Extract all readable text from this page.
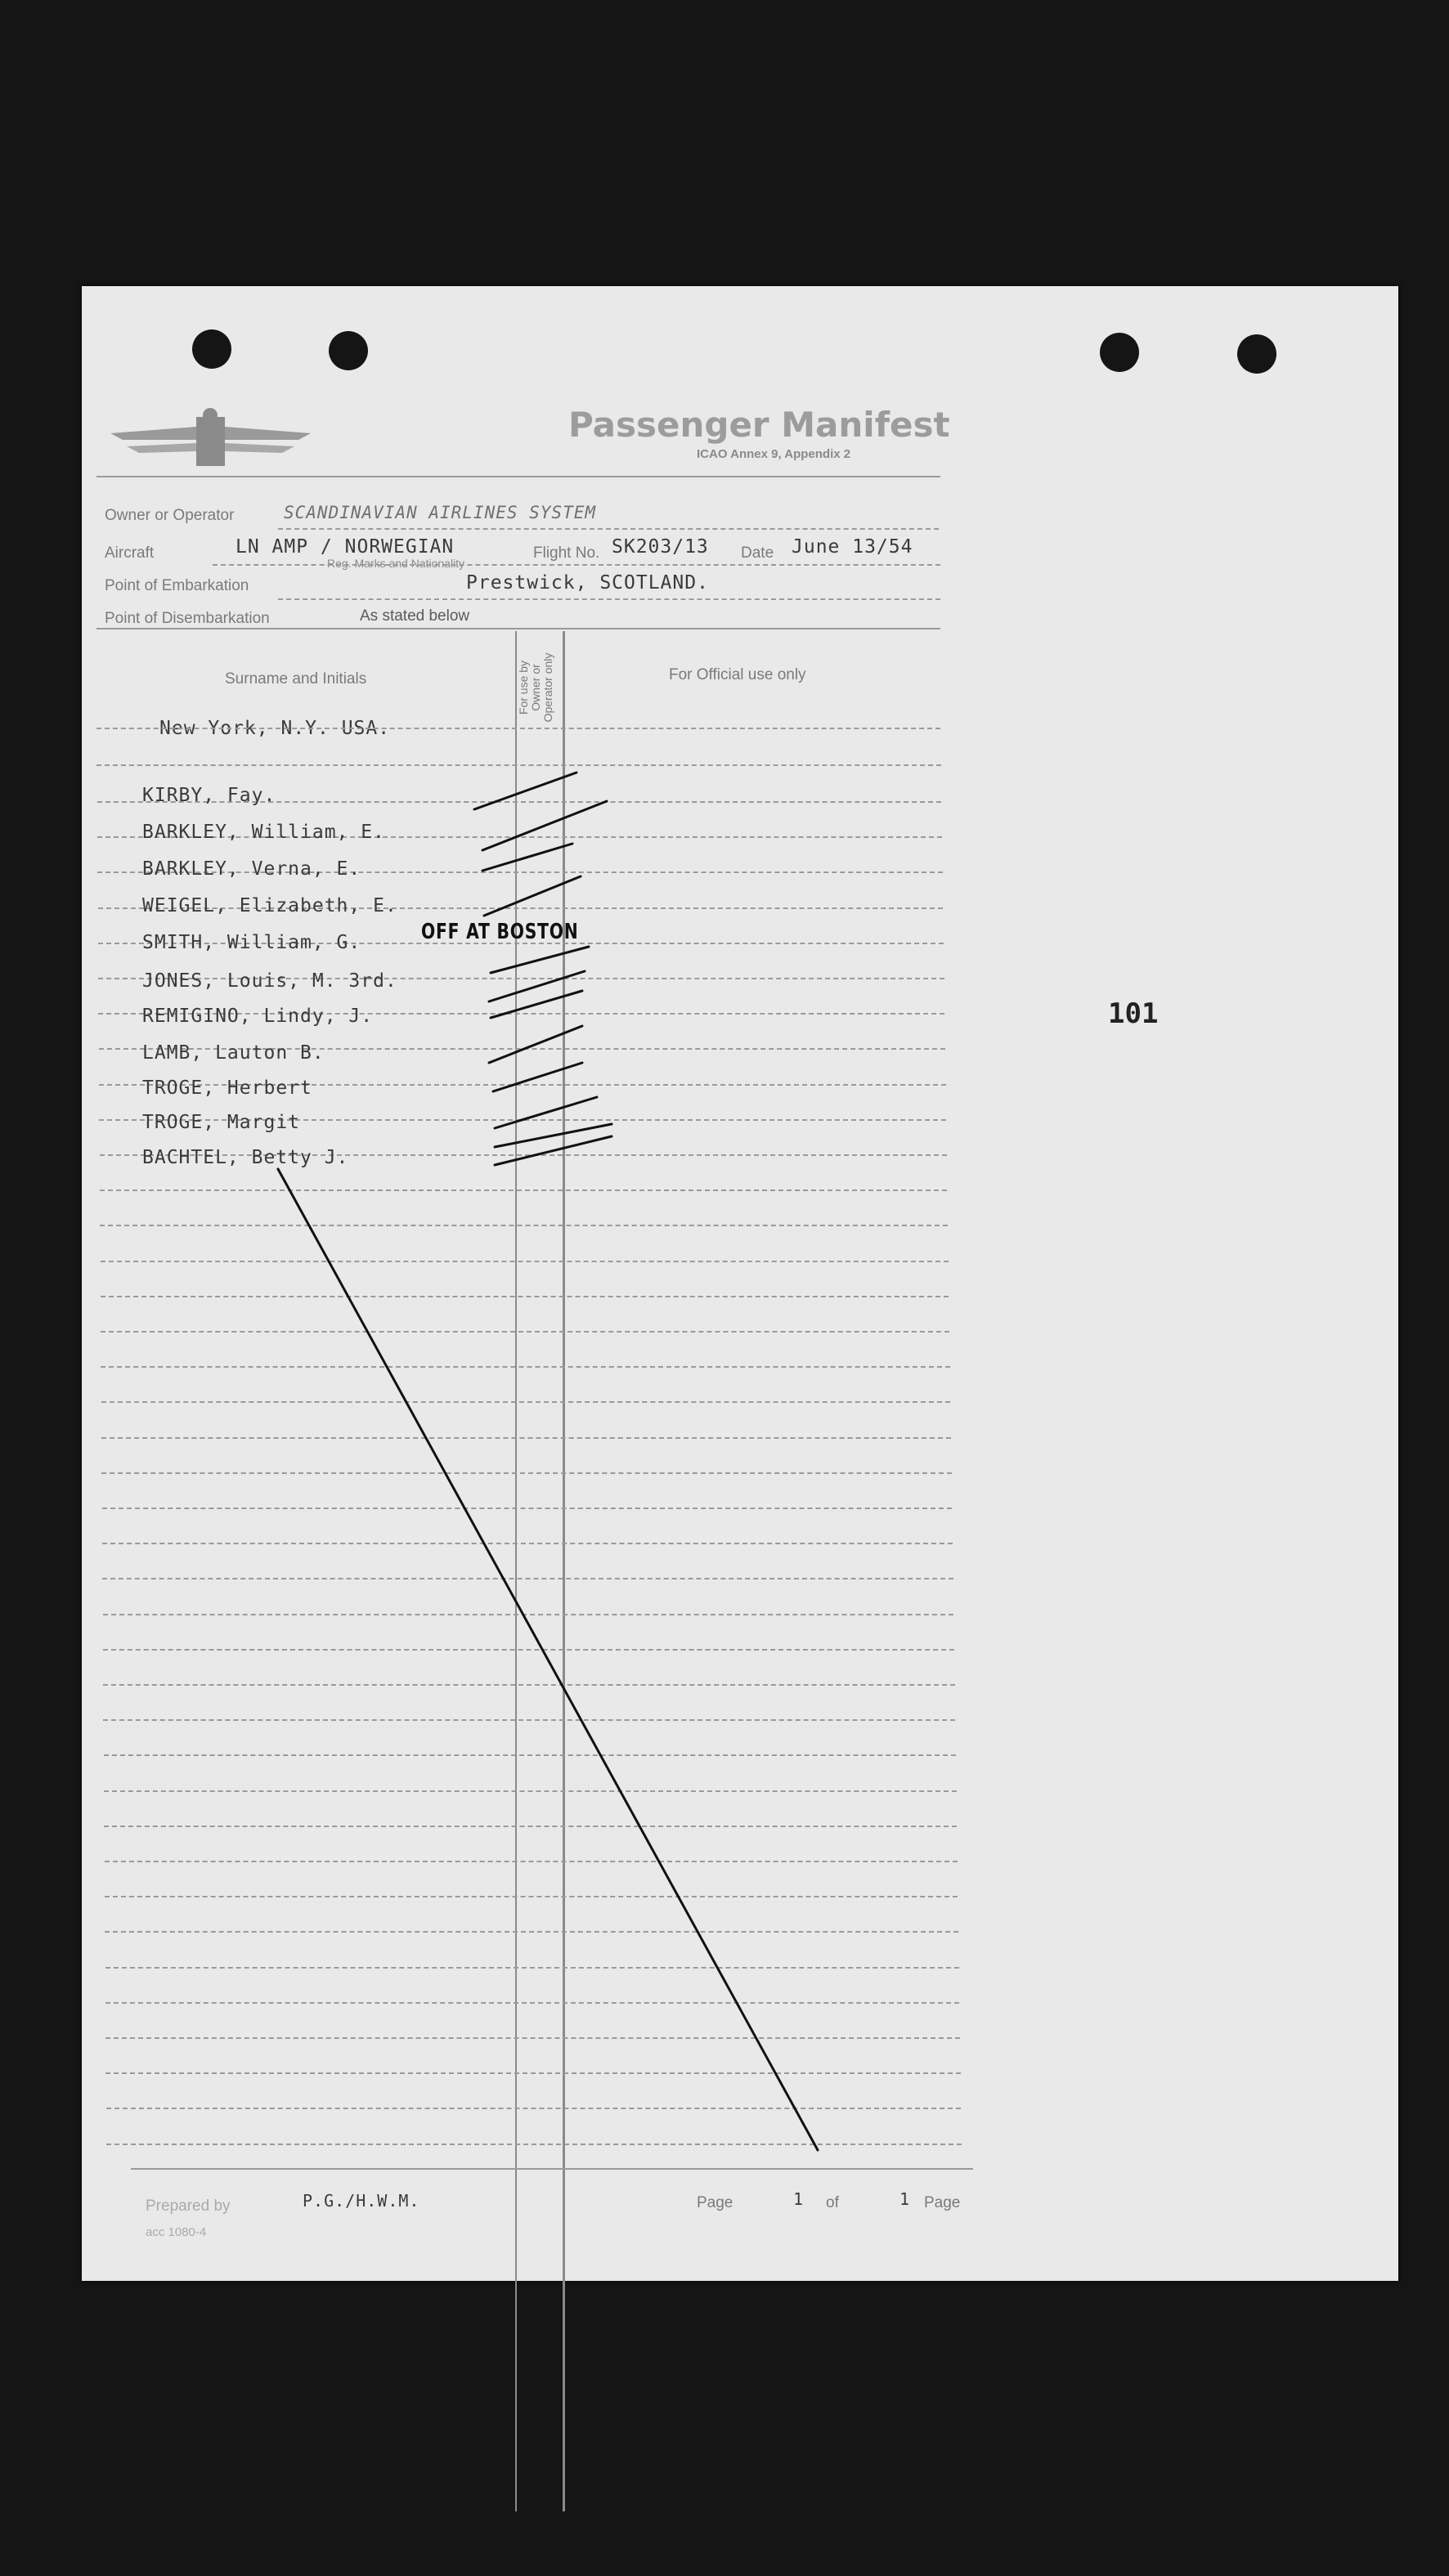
Passenger Manifest
ICAO Annex 9, Appendix 2
Owner or Operator	SCANDINAVIAN AIRLINES SYSTEM
Aircraft	LN AMP / NORWEGIAN
Reg. Marks and Nationality
Flight No. SK203/13 Date June 13/54
Point of Embarkation	Prestwick, SCOTLAND.
Point of Disembarkation	As stated below
Surname and Initials	For use by Owner or Operator only	For Official use only
New York, N.Y. USA.
KIRBY, Fay.
BARKLEY, William, E.
BARKLEY, Verna, E.
WEIGEL, Elizabeth, E.
SMITH, William, G.
JONES, Louis, M. 3rd.
REMIGINO, Lindy, J.
LAMB, Lauton B.
TROGE, Herbert
TROGE, Margit
BACHTEL, Betty J.
OFF AT BOSTON
Prepared by	P.G./H.W.M.	Page	1 of	1 Page
acc 1080-4
101
